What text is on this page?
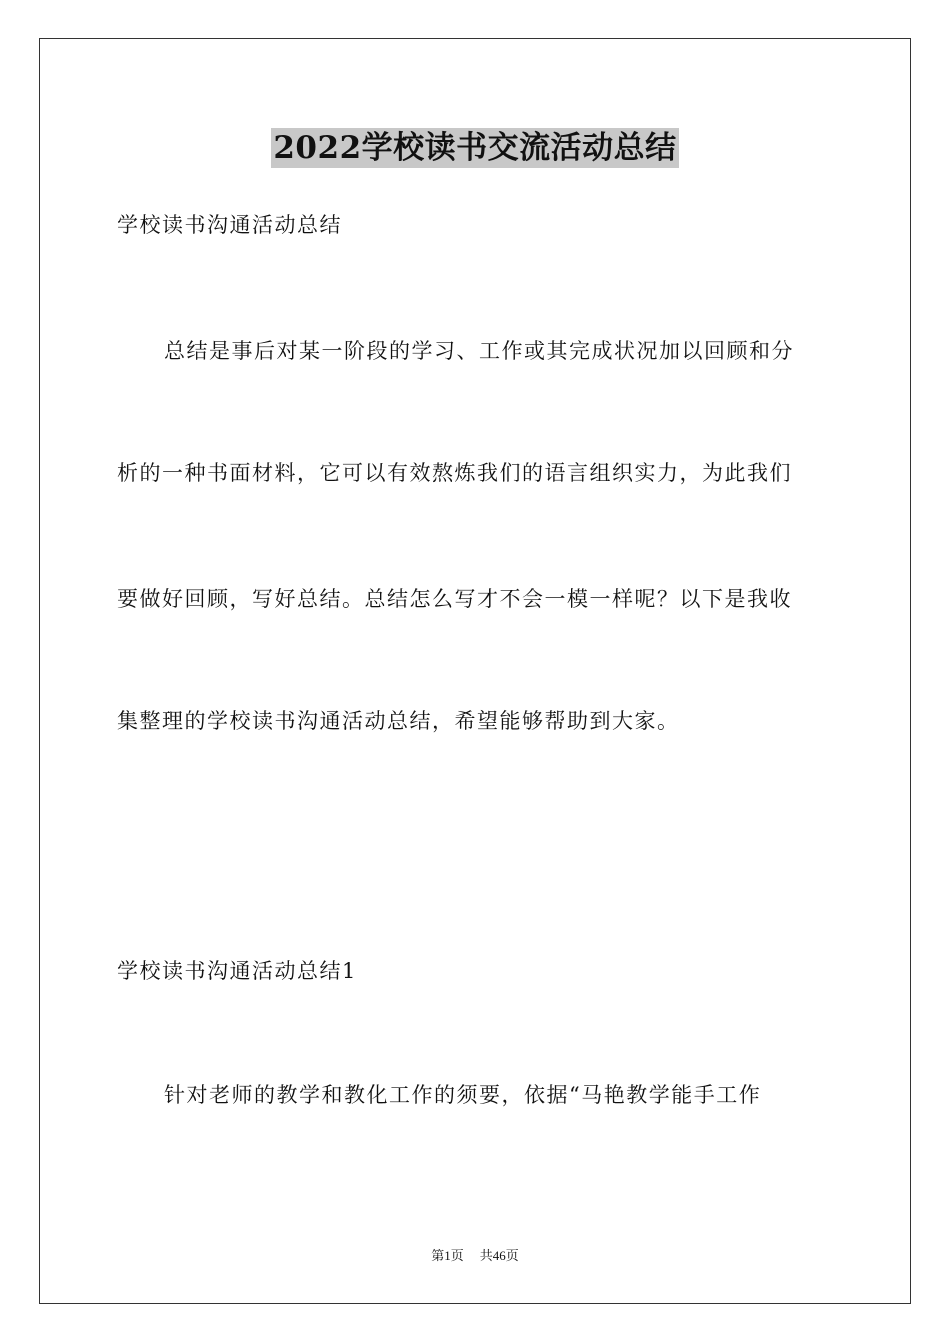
2022学校读书交流活动总结
学校读书沟通活动总结
总结是事后对某一阶段的学习、工作或其完成状况加以回顾和分
析的一种书面材料，它可以有效熬炼我们的语言组织实力，为此我们
要做好回顾，写好总结。总结怎么写才不会一模一样呢？以下是我收
集整理的学校读书沟通活动总结，希望能够帮助到大家。
学校读书沟通活动总结1
针对老师的教学和教化工作的须要，依据“马艳教学能手工作
第1页 共46页
